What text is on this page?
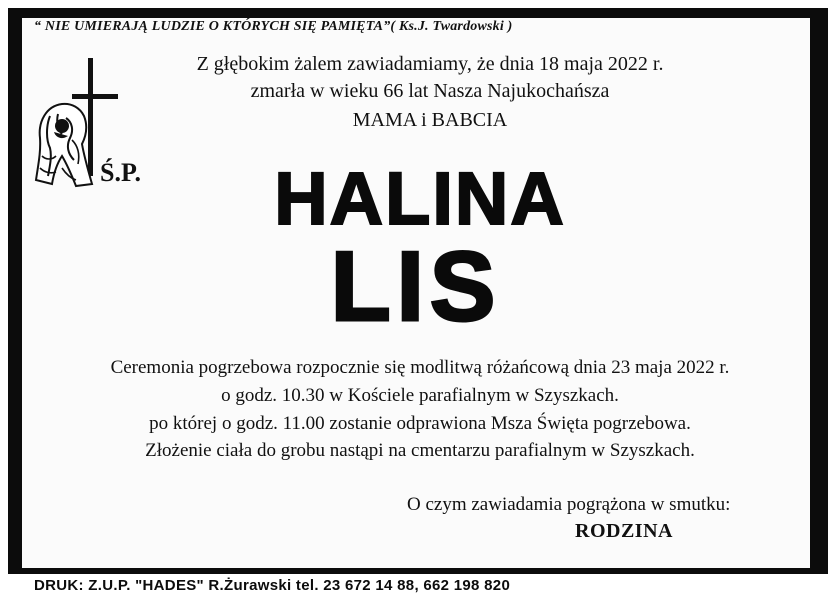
“ NIE UMIERAJĄ LUDZIE O KTÓRYCH SIĘ PAMIĘTA”( Ks.J. Twardowski )
Z głębokim żalem zawiadamiamy, że dnia 18 maja 2022 r.
zmarła w wieku 66 lat Nasza Najukochańsza
MAMA i BABCIA
Ś.P.	HALINA
LIS
Ceremonia pogrzebowa rozpocznie się modlitwą różańcową dnia 23 maja 2022 r.
o godz. 10.30 w Kościele parafialnym w Szyszkach.
po której o godz. 11.00 zostanie odprawiona Msza Święta pogrzebowa.
Złożenie ciała do grobu nastąpi na cmentarzu parafialnym w Szyszkach.
O czym zawiadamia pogrążona w smutku:
RODZINA
DRUK: Z.U.P. "HADES" R.Żurawski tel. 23 672 14 88, 662 198 820
